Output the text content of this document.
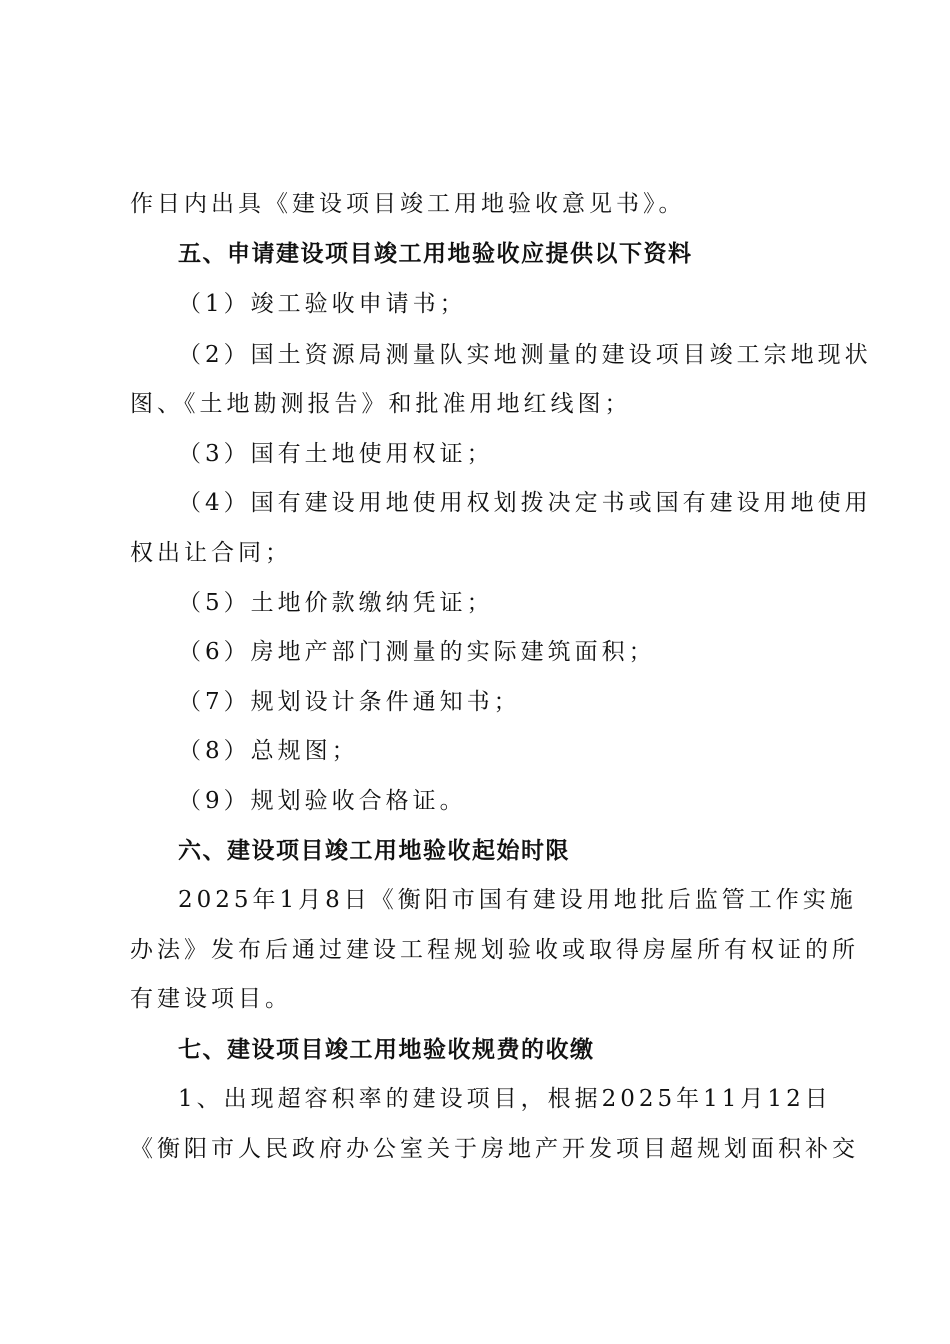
作日内出具《建设项目竣工用地验收意见书》。
五、申请建设项目竣工用地验收应提供以下资料
（1）竣工验收申请书；
（2）国土资源局测量队实地测量的建设项目竣工宗地现状
图、《土地勘测报告》和批准用地红线图；
（3）国有土地使用权证；
（4）国有建设用地使用权划拨决定书或国有建设用地使用
权出让合同；
（5）土地价款缴纳凭证；
（6）房地产部门测量的实际建筑面积；
（7）规划设计条件通知书；
（8）总规图；
（9）规划验收合格证。
六、建设项目竣工用地验收起始时限
2025年1月8日《衡阳市国有建设用地批后监管工作实施
办法》发布后通过建设工程规划验收或取得房屋所有权证的所
有建设项目。
七、建设项目竣工用地验收规费的收缴
1、出现超容积率的建设项目，根据2025年11月12日
《衡阳市人民政府办公室关于房地产开发项目超规划面积补交
